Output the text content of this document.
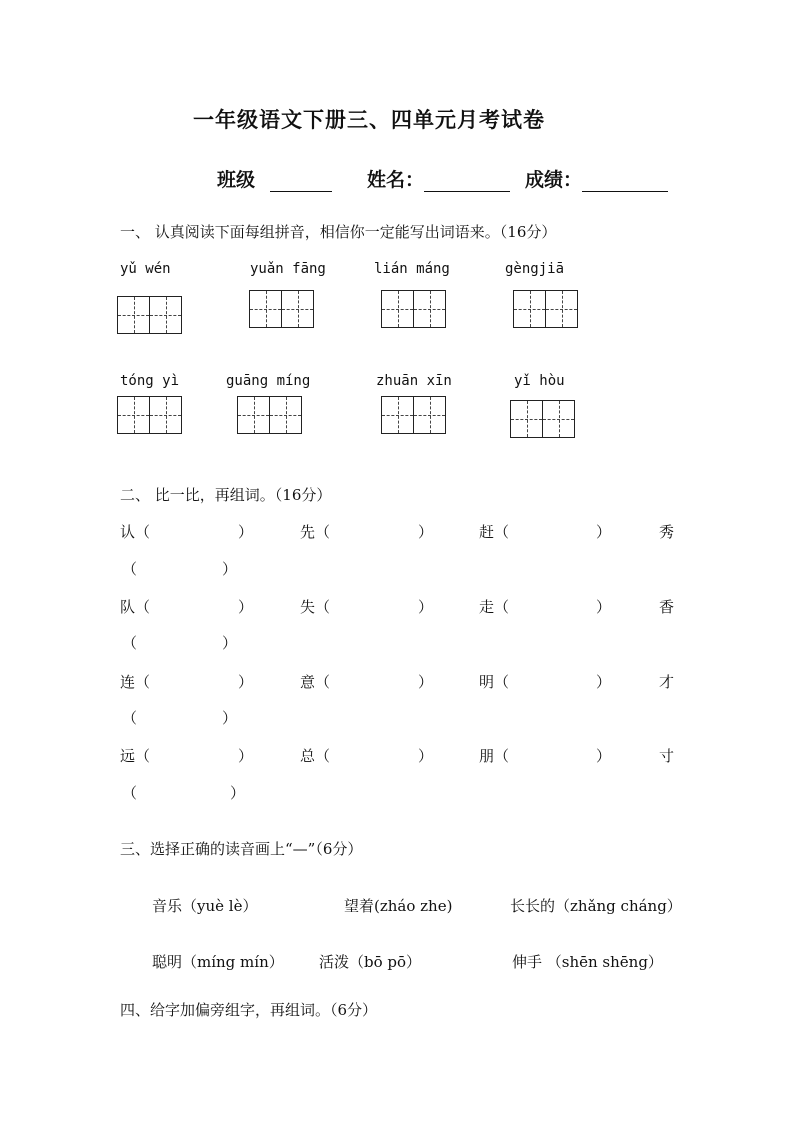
一年级语文下册三、四单元月考试卷
班级	姓名：	成绩：
一、 认真阅读下面每组拼音，相信你一定能写出词语来。（16分）
yǔ wén	yuǎn fāng	lián máng	gèngjiā
tóng yì	guāng míng	zhuān xīn	yǐ hòu
二、 比一比，再组词。（16分）
认（	）	先（	）	赶（	）	秀
（	）
队（	）	失（	）	走（	）	香
（	）
连（	）	意（	）	明（	）	才
（	）
远（	）	总（	）	朋（	）	寸
（	）
三、选择正确的读音画上“—”（6分）
音乐（yuè lè）	望着(zháo zhe)	长长的（zhǎng cháng）
聪明（míng mín） 活泼（bō pō）	伸手 （shēn shēng）
四、给字加偏旁组字，再组词。（6分）
